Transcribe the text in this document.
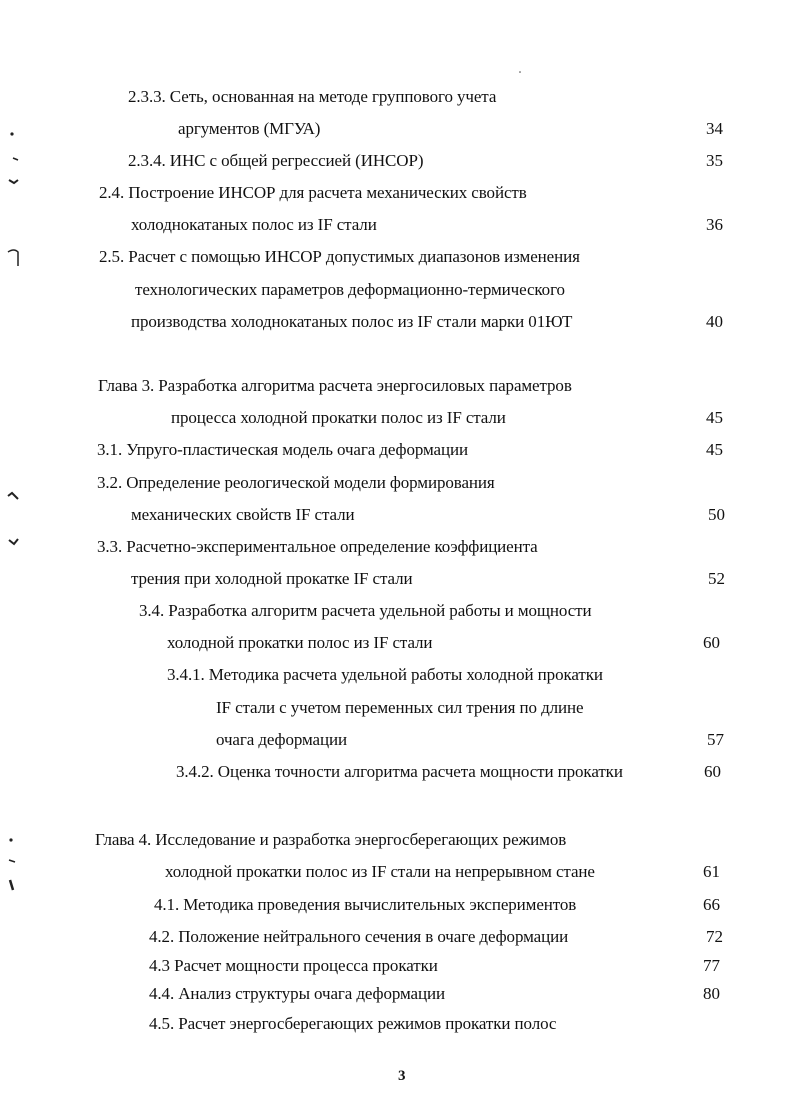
2.3.3. Сеть, основанная на методе группового учета
аргументов (МГУА)	34
2.3.4. ИНС с общей регрессией (ИНСОР)	35
2.4. Построение ИНСОР для расчета механических свойств
холоднокатаных полос из IF стали	36
2.5. Расчет с помощью ИНСОР допустимых диапазонов изменения
технологических параметров деформационно-термического
производства холоднокатаных полос из IF стали марки 01ЮТ	40
Глава 3. Разработка алгоритма расчета энергосиловых параметров
процесса холодной прокатки полос из IF стали	45
3.1. Упруго-пластическая модель очага деформации	45
3.2. Определение реологической модели формирования
механических свойств IF стали	50
3.3. Расчетно-экспериментальное определение коэффициента
трения при холодной прокатке IF стали	52
3.4. Разработка алгоритм расчета удельной работы и мощности
холодной прокатки полос из IF стали	60
3.4.1. Методика расчета удельной работы холодной прокатки
IF стали с учетом переменных сил трения по длине
очага деформации	57
3.4.2. Оценка точности алгоритма расчета мощности прокатки	60
Глава 4. Исследование и разработка энергосберегающих режимов
холодной прокатки полос из IF стали на непрерывном стане	61
4.1. Методика проведения вычислительных экспериментов	66
4.2. Положение нейтрального сечения в очаге деформации	72
4.3 Расчет мощности процесса прокатки	77
4.4. Анализ структуры очага деформации	80
4.5. Расчет энергосберегающих режимов прокатки полос
3
